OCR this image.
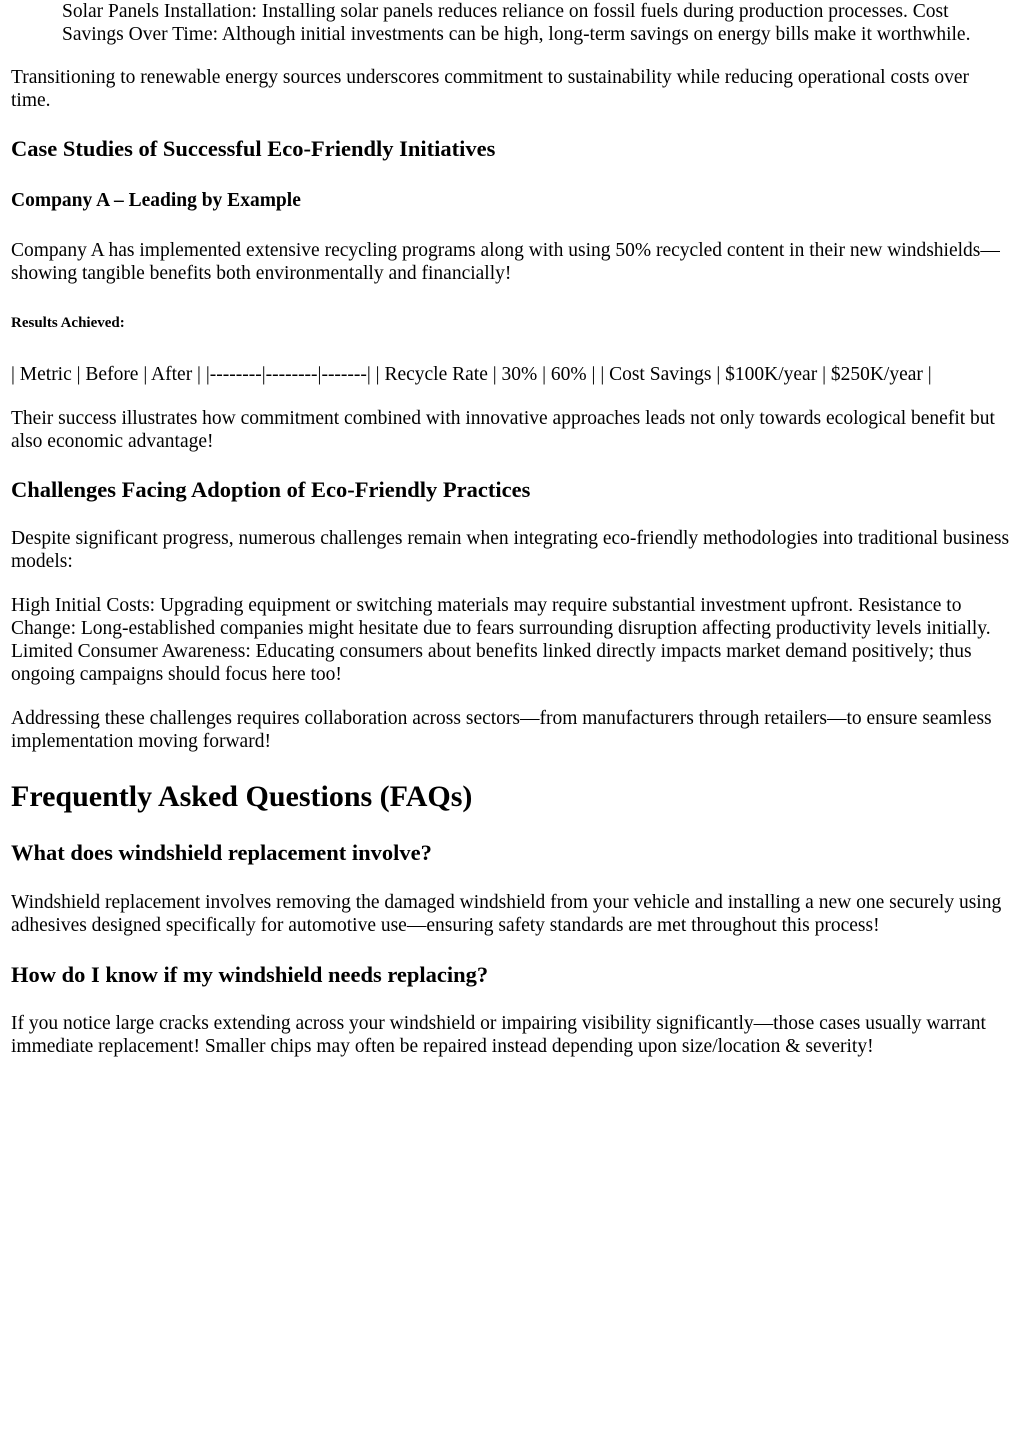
Solar Panels Installation: Installing solar panels reduces reliance on fossil fuels during production processes. Cost Savings Over Time: Although initial investments can be high, long-term savings on energy bills make it worthwhile.

Transitioning to renewable energy sources underscores commitment to sustainability while reducing operational costs over time.

Case Studies of Successful Eco-Friendly Initiatives
Company A – Leading by Example

Company A has implemented extensive recycling programs along with using 50% recycled content in their new windshields—showing tangible benefits both environmentally and financially!

Results Achieved:

| Metric | Before | After | |--------|--------|-------| | Recycle Rate | 30% | 60% | | Cost Savings | $100K/year | $250K/year |

Their success illustrates how commitment combined with innovative approaches leads not only towards ecological benefit but also economic advantage!

Challenges Facing Adoption of Eco-Friendly Practices

Despite significant progress, numerous challenges remain when integrating eco-friendly methodologies into traditional business models:

High Initial Costs: Upgrading equipment or switching materials may require substantial investment upfront. Resistance to Change: Long-established companies might hesitate due to fears surrounding disruption affecting productivity levels initially. Limited Consumer Awareness: Educating consumers about benefits linked directly impacts market demand positively; thus ongoing campaigns should focus here too!

Addressing these challenges requires collaboration across sectors—from manufacturers through retailers—to ensure seamless implementation moving forward!

Frequently Asked Questions (FAQs)
What does windshield replacement involve?

Windshield replacement involves removing the damaged windshield from your vehicle and installing a new one securely using adhesives designed specifically for automotive use—ensuring safety standards are met throughout this process!

How do I know if my windshield needs replacing?

If you notice large cracks extending across your windshield or impairing visibility significantly—those cases usually warrant immediate replacement! Smaller chips may often be repaired instead depending upon size/location & severity!
